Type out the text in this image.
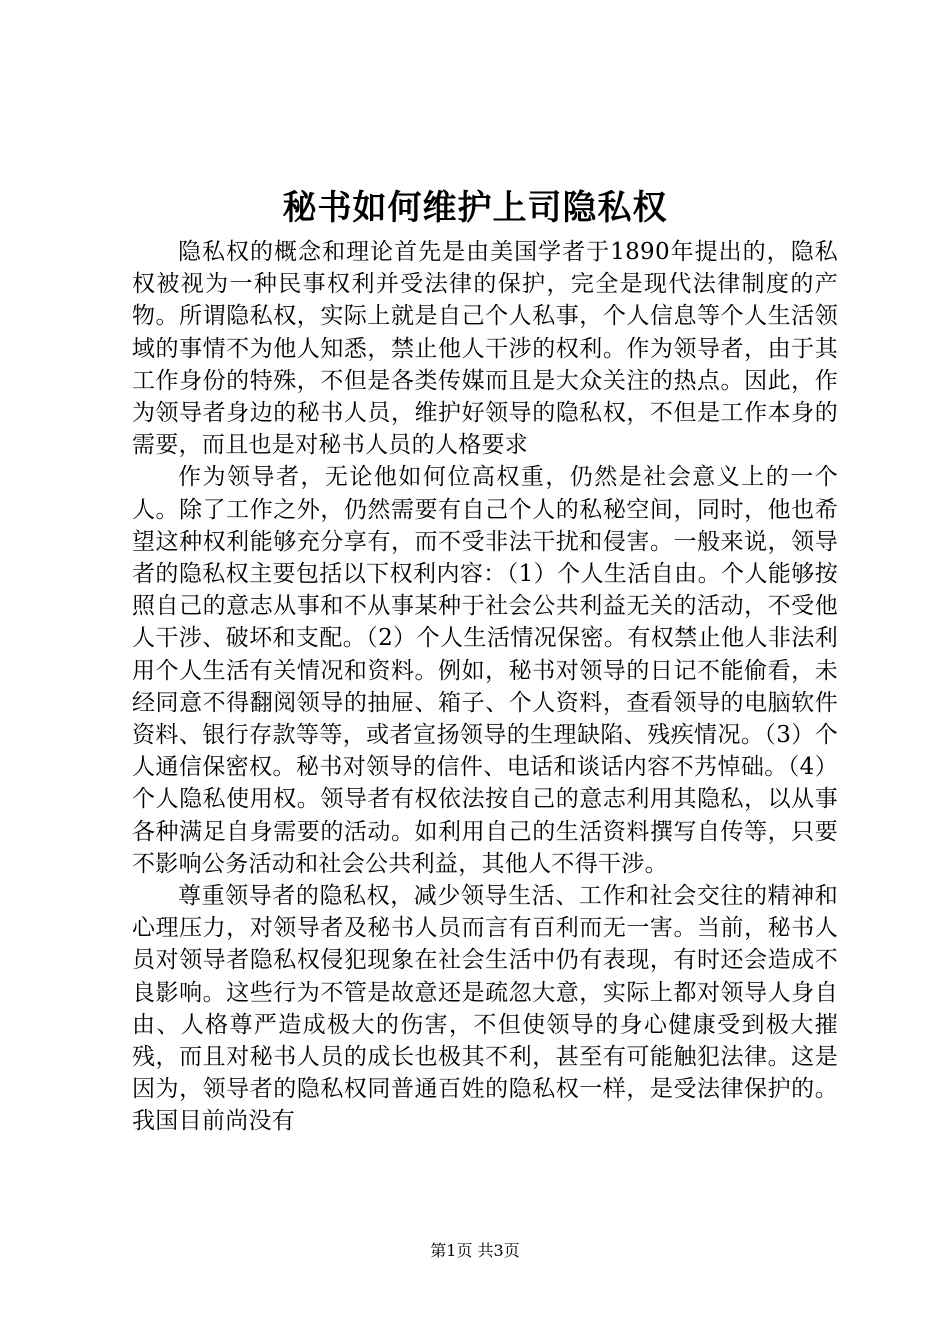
秘书如何维护上司隐私权

隐私权的概念和理论首先是由美国学者于1890年提出的，隐私权被视为一种民事权利并受法律的保护，完全是现代法律制度的产物。所谓隐私权，实际上就是自己个人私事，个人信息等个人生活领域的事情不为他人知悉，禁止他人干涉的权利。作为领导者，由于其工作身份的特殊，不但是各类传媒而且是大众关注的热点。因此，作为领导者身边的秘书人员，维护好领导的隐私权，不但是工作本身的需要，而且也是对秘书人员的人格要求

作为领导者，无论他如何位高权重，仍然是社会意义上的一个人。除了工作之外，仍然需要有自己个人的私秘空间，同时，他也希望这种权利能够充分享有，而不受非法干扰和侵害。一般来说，领导者的隐私权主要包括以下权利内容：（1）个人生活自由。个人能够按照自己的意志从事和不从事某种于社会公共利益无关的活动，不受他人干涉、破坏和支配。（2）个人生活情况保密。有权禁止他人非法利用个人生活有关情况和资料。例如，秘书对领导的日记不能偷看，未经同意不得翻阅领导的抽屉、箱子、个人资料，查看领导的电脑软件资料、银行存款等等，或者宣扬领导的生理缺陷、残疾情况。（3）个人通信保密权。秘书对领导的信件、电话和谈话内容不艿悼础。（4）个人隐私使用权。领导者有权依法按自己的意志利用其隐私，以从事各种满足自身需要的活动。如利用自己的生活资料撰写自传等，只要不影响公务活动和社会公共利益，其他人不得干涉。

尊重领导者的隐私权，减少领导生活、工作和社会交往的精神和心理压力，对领导者及秘书人员而言有百利而无一害。当前，秘书人员对领导者隐私权侵犯现象在社会生活中仍有表现，有时还会造成不良影响。这些行为不管是故意还是疏忽大意，实际上都对领导人身自由、人格尊严造成极大的伤害，不但使领导的身心健康受到极大摧残，而且对秘书人员的成长也极其不利，甚至有可能触犯法律。这是因为，领导者的隐私权同普通百姓的隐私权一样，是受法律保护的。我国目前尚没有

第1页 共3页
